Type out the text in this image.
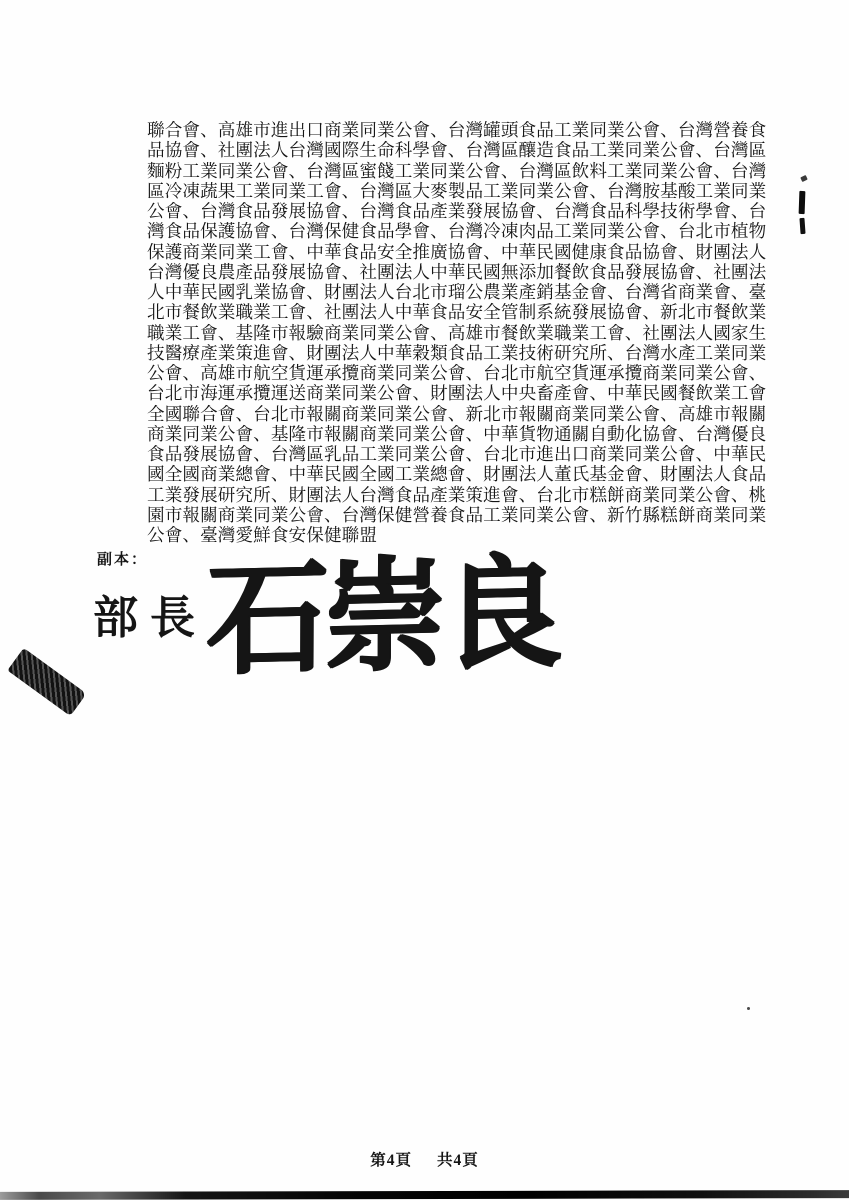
聯合會、高雄市進出口商業同業公會、台灣罐頭食品工業同業公會、台灣營養食
品協會、社團法人台灣國際生命科學會、台灣區釀造食品工業同業公會、台灣區
麵粉工業同業公會、台灣區蜜餞工業同業公會、台灣區飲料工業同業公會、台灣
區冷凍蔬果工業同業工會、台灣區大麥製品工業同業公會、台灣胺基酸工業同業
公會、台灣食品發展協會、台灣食品產業發展協會、台灣食品科學技術學會、台
灣食品保護協會、台灣保健食品學會、台灣冷凍肉品工業同業公會、台北市植物
保護商業同業工會、中華食品安全推廣協會、中華民國健康食品協會、財團法人
台灣優良農產品發展協會、社團法人中華民國無添加餐飲食品發展協會、社團法
人中華民國乳業協會、財團法人台北市瑠公農業產銷基金會、台灣省商業會、臺
北市餐飲業職業工會、社團法人中華食品安全管制系統發展協會、新北市餐飲業
職業工會、基隆市報驗商業同業公會、高雄市餐飲業職業工會、社團法人國家生
技醫療產業策進會、財團法人中華穀類食品工業技術研究所、台灣水產工業同業
公會、高雄市航空貨運承攬商業同業公會、台北市航空貨運承攬商業同業公會、
台北市海運承攬運送商業同業公會、財團法人中央畜產會、中華民國餐飲業工會
全國聯合會、台北市報關商業同業公會、新北市報關商業同業公會、高雄市報關
商業同業公會、基隆市報關商業同業公會、中華貨物通關自動化協會、台灣優良
食品發展協會、台灣區乳品工業同業公會、台北市進出口商業同業公會、中華民
國全國商業總會、中華民國全國工業總會、財團法人董氏基金會、財團法人食品
工業發展研究所、財團法人台灣食品產業策進會、台北市糕餅商業同業公會、桃
園市報關商業同業公會、台灣保健營養食品工業同業公會、新竹縣糕餅商業同業
公會、臺灣愛鮮食安保健聯盟
副本：
部長
石崇良
第4頁 共4頁
